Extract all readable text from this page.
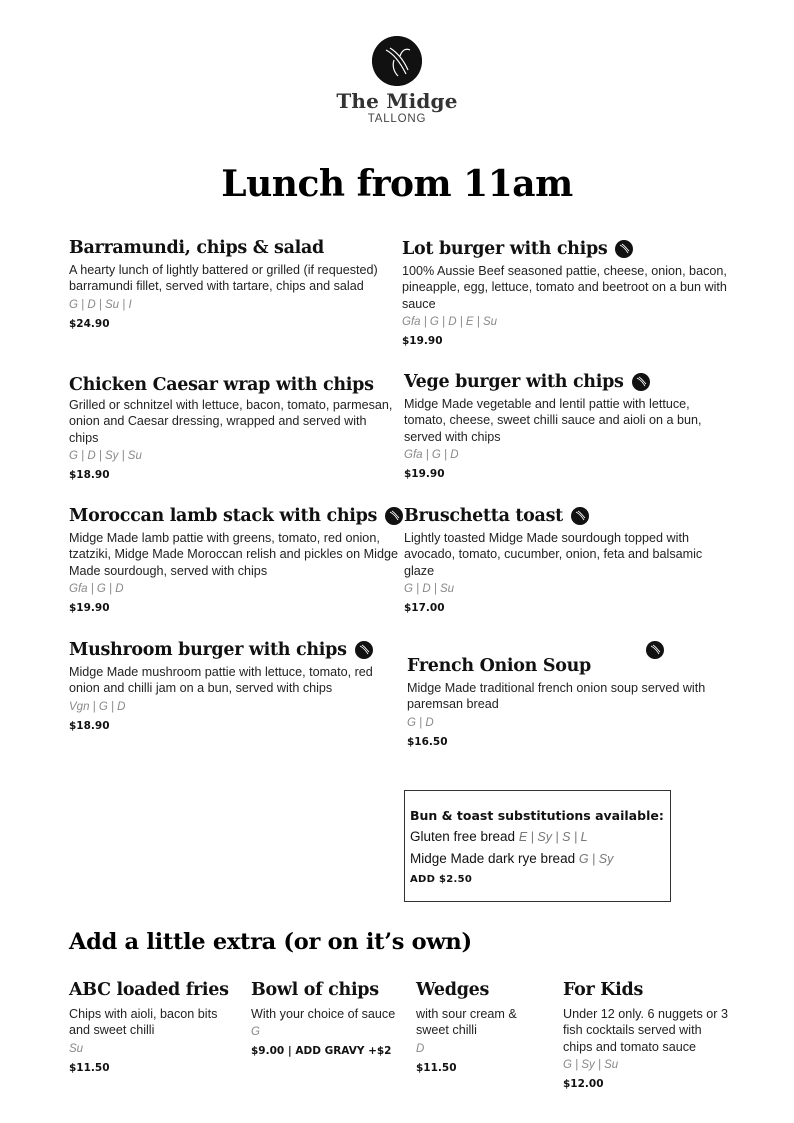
The Midge
TALLONG
Lunch from 11am
Barramundi, chips & salad
A hearty lunch of lightly battered or grilled (if requested) barramundi fillet, served with tartare, chips and salad
G | D | Su | I
$24.90
Lot burger with chips
100% Aussie Beef seasoned pattie, cheese, onion, bacon, pineapple, egg, lettuce, tomato and beetroot on a bun with sauce
Gfa | G | D | E | Su
$19.90
Chicken Caesar wrap with chips
Grilled or schnitzel with lettuce, bacon, tomato, parmesan, onion and Caesar dressing, wrapped and served with chips
G | D | Sy | Su
$18.90
Vege burger with chips
Midge Made vegetable and lentil pattie with lettuce, tomato, cheese, sweet chilli sauce and aioli on a bun, served with chips
Gfa | G | D
$19.90
Moroccan lamb stack with chips
Midge Made lamb pattie with greens, tomato, red onion, tzatziki, Midge Made Moroccan relish and pickles on Midge Made sourdough, served with chips
Gfa | G | D
$19.90
Bruschetta toast
Lightly toasted Midge Made sourdough topped with avocado, tomato, cucumber, onion, feta and balsamic glaze
G | D | Su
$17.00
Mushroom burger with chips
Midge Made mushroom pattie with lettuce, tomato, red onion and chilli jam on a bun, served with chips
Vgn | G | D
$18.90
French Onion Soup
Midge Made traditional french onion soup served with paremsan bread
G | D
$16.50
Bun & toast substitutions available:
Gluten free bread E | Sy | S | L
Midge Made dark rye bread G | Sy
ADD $2.50
Add a little extra (or on it’s own)
ABC loaded fries
Chips with aioli, bacon bits and sweet chilli
Su
$11.50
Bowl of chips
With your choice of sauce
G
$9.00 | ADD GRAVY +$2
Wedges
with sour cream & sweet chilli
D
$11.50
For Kids
Under 12 only. 6 nuggets or 3 fish cocktails served with chips and tomato sauce
G | Sy | Su
$12.00
